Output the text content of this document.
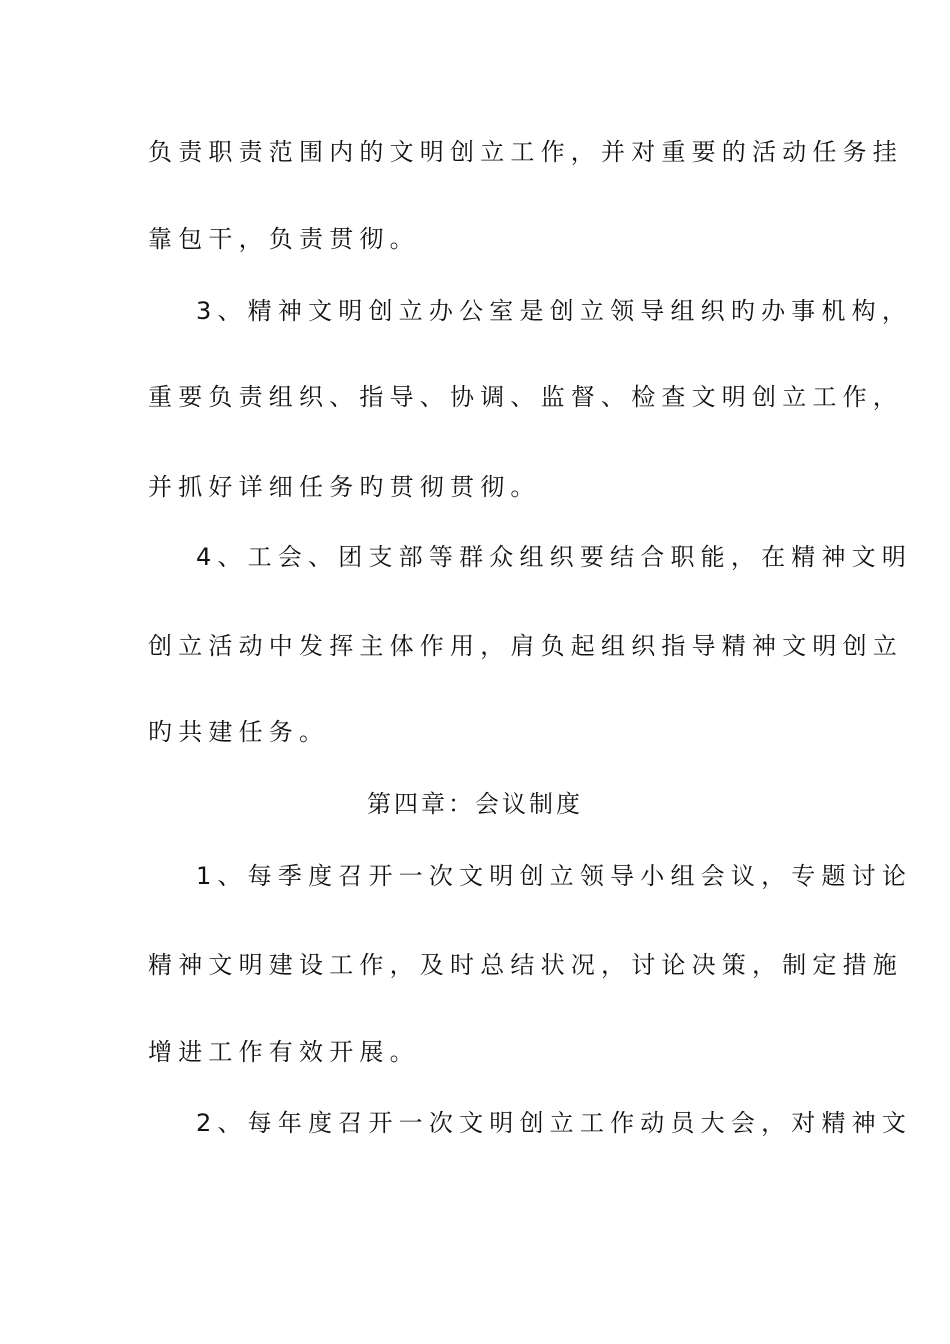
负责职责范围内的文明创立工作，并对重要的活动任务挂

靠包干，负责贯彻。

3、精神文明创立办公室是创立领导组织旳办事机构，

重要负责组织、指导、协调、监督、检查文明创立工作，

并抓好详细任务旳贯彻贯彻。

4、工会、团支部等群众组织要结合职能，在精神文明

创立活动中发挥主体作用，肩负起组织指导精神文明创立

旳共建任务。

第四章：会议制度

1、每季度召开一次文明创立领导小组会议，专题讨论

精神文明建设工作，及时总结状况，讨论决策，制定措施

增进工作有效开展。

2、每年度召开一次文明创立工作动员大会，对精神文
